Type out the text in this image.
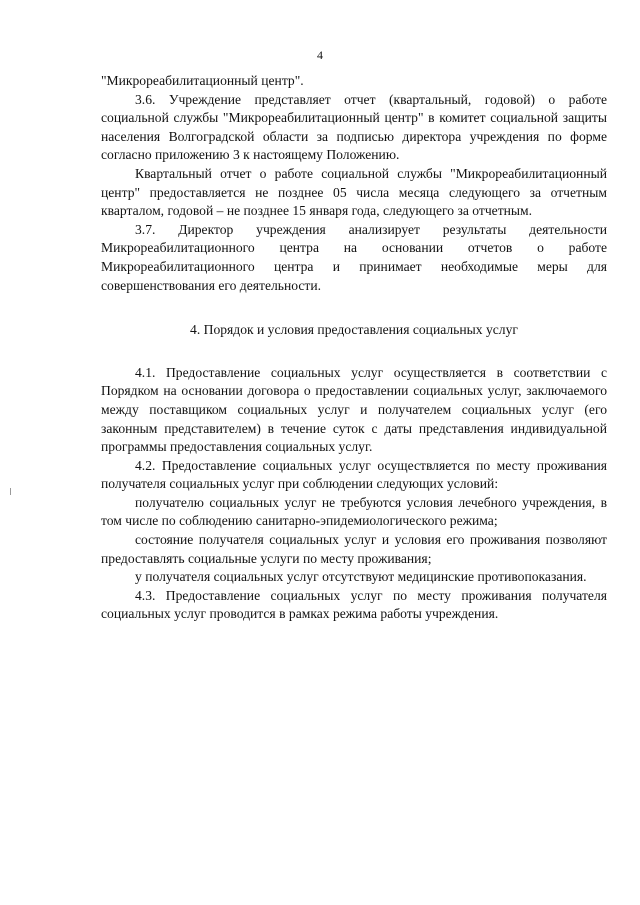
4

"Микрореабилитационный центр".

3.6. Учреждение представляет отчет (квартальный, годовой) о работе социальной службы "Микрореабилитационный центр" в комитет социальной защиты населения Волгоградской области за подписью директора учреждения по форме согласно приложению 3 к настоящему Положению.

Квартальный отчет о работе социальной службы "Микрореабилитационный центр" предоставляется не позднее 05 числа месяца следующего за отчетным кварталом, годовой – не позднее 15 января года, следующего за отчетным.

3.7. Директор учреждения анализирует результаты деятельности Микрореабилитационного центра на основании отчетов о работе Микрореабилитационного центра и принимает необходимые меры для совершенствования его деятельности.

4. Порядок и условия предоставления социальных услуг

4.1. Предоставление социальных услуг осуществляется в соответствии с Порядком на основании договора о предоставлении социальных услуг, заключаемого между поставщиком социальных услуг и получателем социальных услуг (его законным представителем) в течение суток с даты представления индивидуальной программы предоставления социальных услуг.

4.2. Предоставление социальных услуг осуществляется по месту проживания получателя социальных услуг при соблюдении следующих условий:

получателю социальных услуг не требуются условия лечебного учреждения, в том числе по соблюдению санитарно-эпидемиологического режима;

состояние получателя социальных услуг и условия его проживания позволяют предоставлять социальные услуги по месту проживания;

у получателя социальных услуг отсутствуют медицинские противопоказания.

4.3. Предоставление социальных услуг по месту проживания получателя социальных услуг проводится в рамках режима работы учреждения.
